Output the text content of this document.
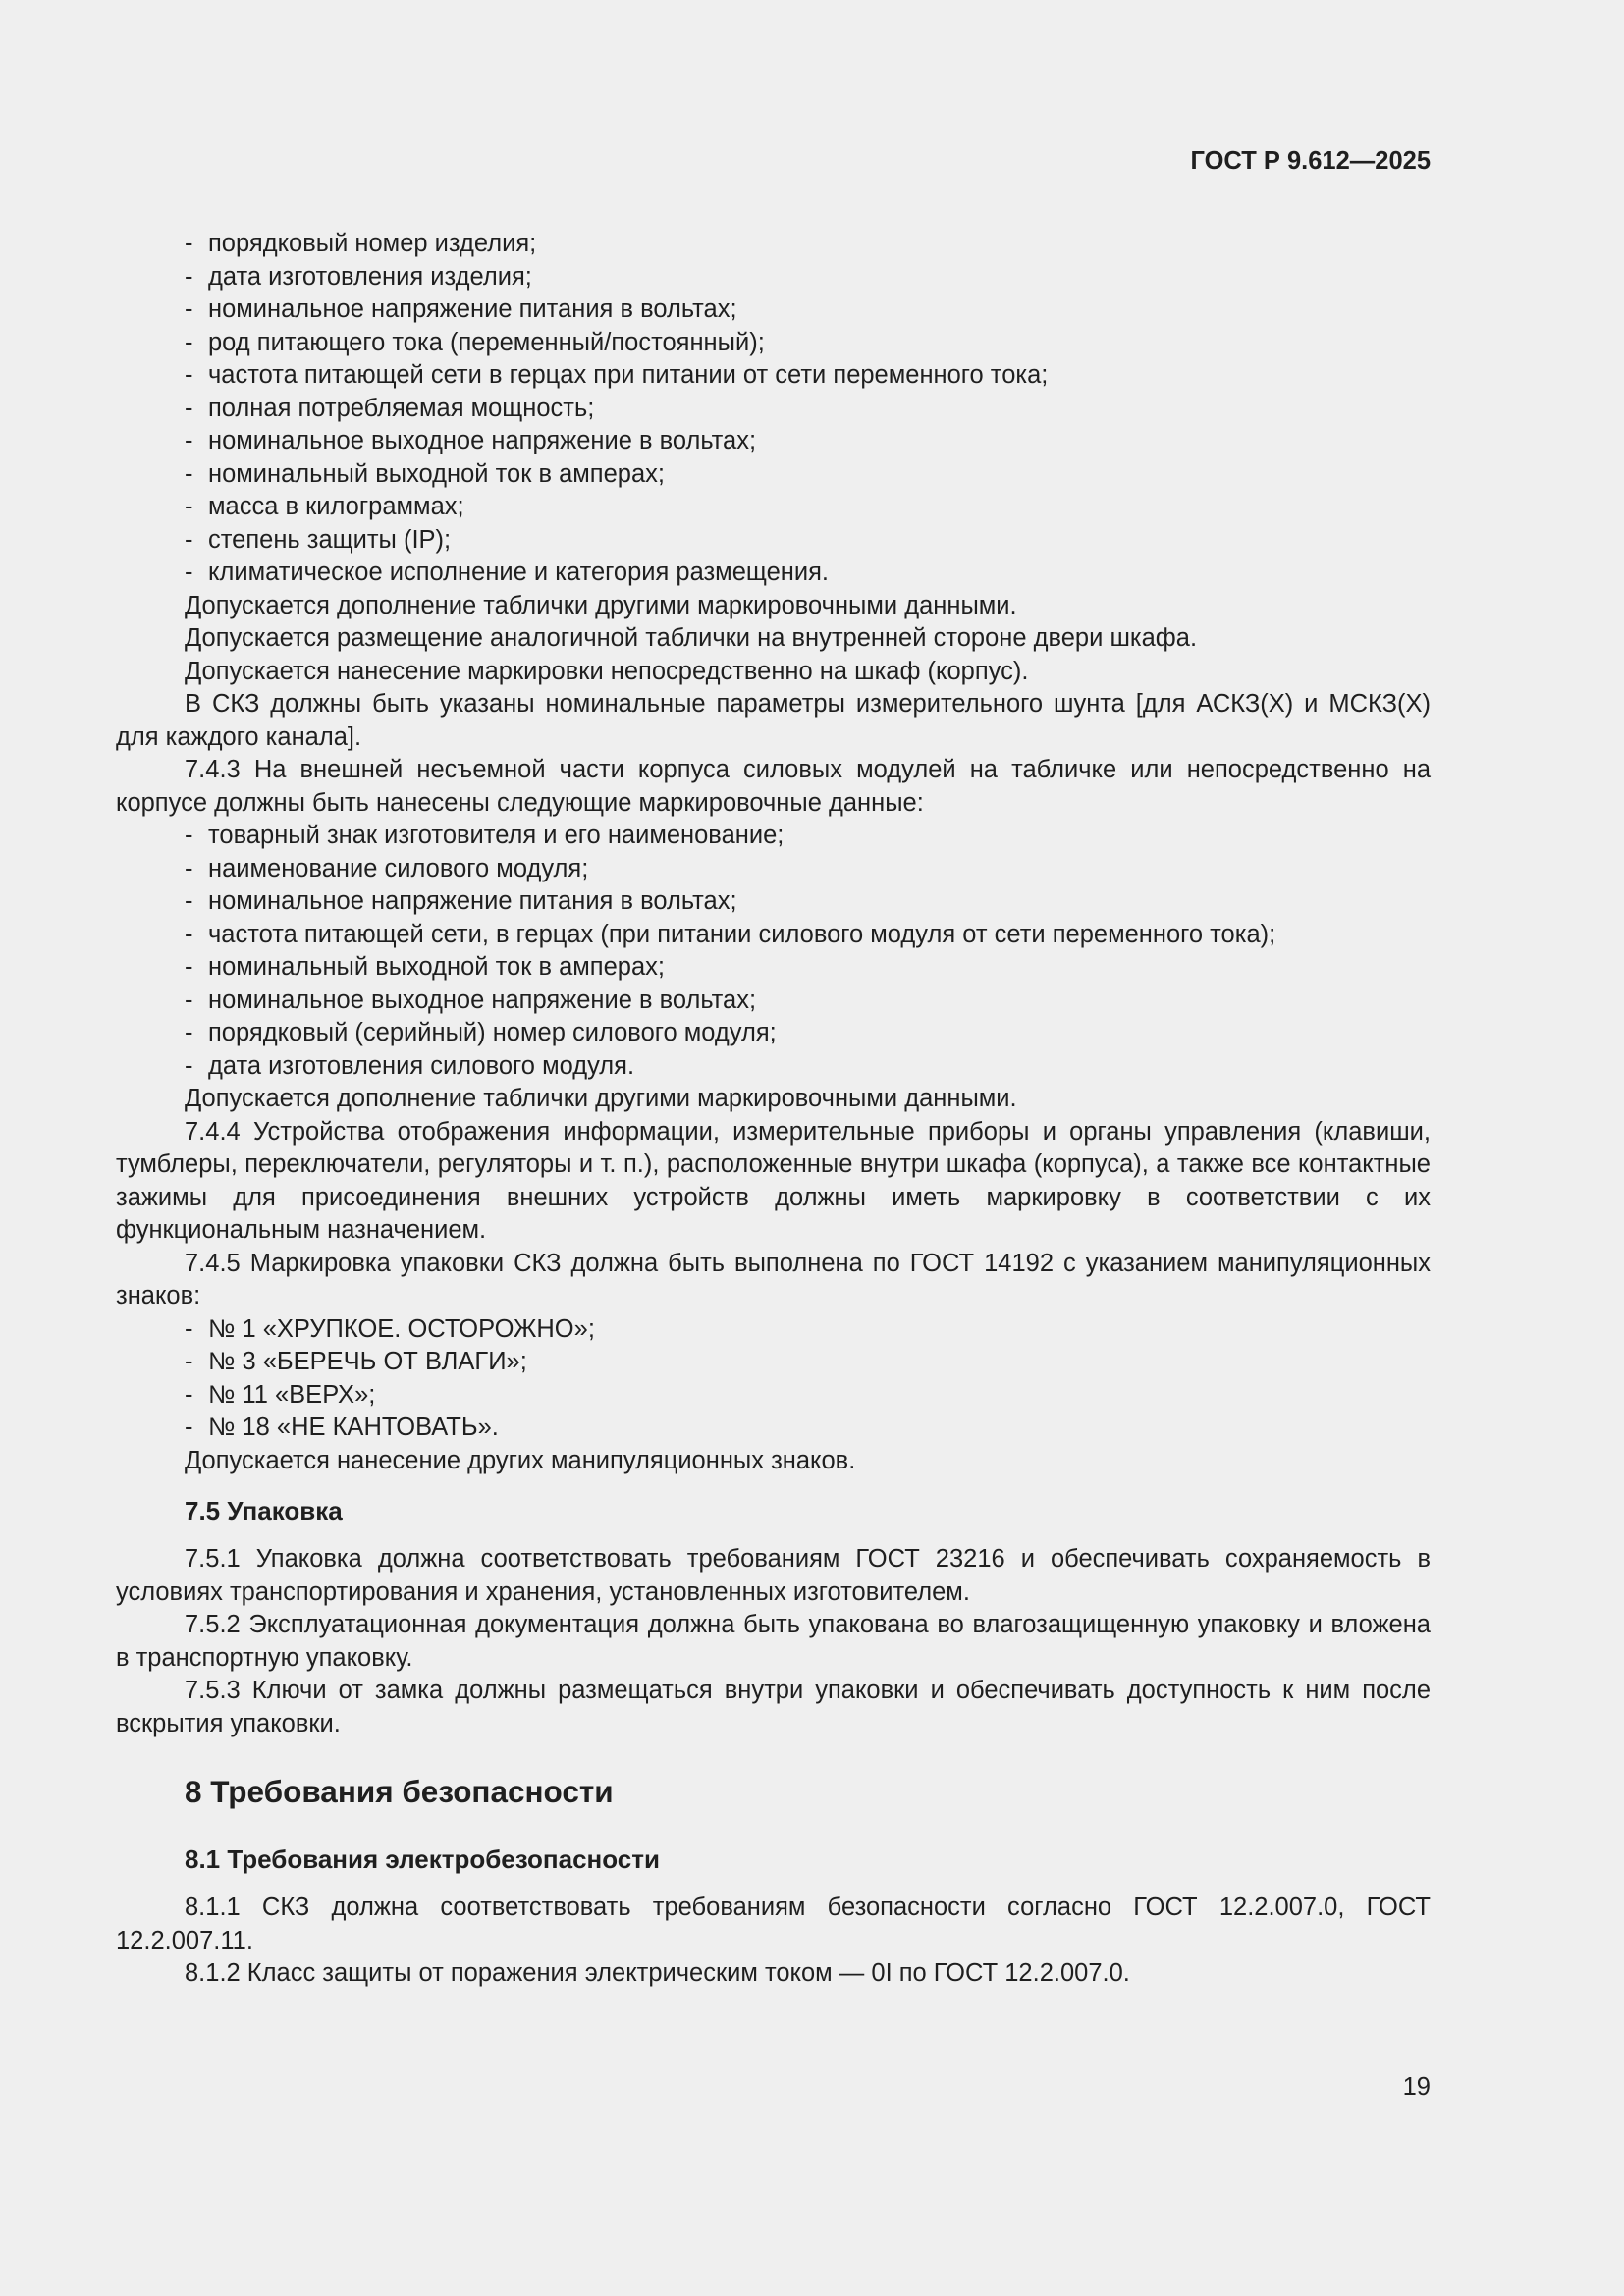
ГОСТ Р 9.612—2025

- порядковый номер изделия;

- дата изготовления изделия;

- номинальное напряжение питания в вольтах;

- род питающего тока (переменный/постоянный);

- частота питающей сети в герцах при питании от сети переменного тока;

- полная потребляемая мощность;

- номинальное выходное напряжение в вольтах;

- номинальный выходной ток в амперах;

- масса в килограммах;

- степень защиты (IP);

- климатическое исполнение и категория размещения.

Допускается дополнение таблички другими маркировочными данными.

Допускается размещение аналогичной таблички на внутренней стороне двери шкафа.

Допускается нанесение маркировки непосредственно на шкаф (корпус).

В СКЗ должны быть указаны номинальные параметры измерительного шунта [для АСКЗ(Х) и МСКЗ(Х) для каждого канала].

7.4.3 На внешней несъемной части корпуса силовых модулей на табличке или непосредственно на корпусе должны быть нанесены следующие маркировочные данные:

- товарный знак изготовителя и его наименование;

- наименование силового модуля;

- номинальное напряжение питания в вольтах;

- частота питающей сети, в герцах (при питании силового модуля от сети переменного тока);

- номинальный выходной ток в амперах;

- номинальное выходное напряжение в вольтах;

- порядковый (серийный) номер силового модуля;

- дата изготовления силового модуля.

Допускается дополнение таблички другими маркировочными данными.

7.4.4 Устройства отображения информации, измерительные приборы и органы управления (клавиши, тумблеры, переключатели, регуляторы и т. п.), расположенные внутри шкафа (корпуса), а также все контактные зажимы для присоединения внешних устройств должны иметь маркировку в соответствии с их функциональным назначением.

7.4.5 Маркировка упаковки СКЗ должна быть выполнена по ГОСТ 14192 с указанием манипуляционных знаков:

- № 1 «ХРУПКОЕ. ОСТОРОЖНО»;

- № 3 «БЕРЕЧЬ ОТ ВЛАГИ»;

- № 11 «ВЕРХ»;

- № 18 «НЕ КАНТОВАТЬ».

Допускается нанесение других манипуляционных знаков.

7.5 Упаковка

7.5.1 Упаковка должна соответствовать требованиям ГОСТ 23216 и обеспечивать сохраняемость в условиях транспортирования и хранения, установленных изготовителем.

7.5.2 Эксплуатационная документация должна быть упакована во влагозащищенную упаковку и вложена в транспортную упаковку.

7.5.3 Ключи от замка должны размещаться внутри упаковки и обеспечивать доступность к ним после вскрытия упаковки.

8 Требования безопасности
8.1 Требования электробезопасности

8.1.1 СКЗ должна соответствовать требованиям безопасности согласно ГОСТ 12.2.007.0, ГОСТ 12.2.007.11.

8.1.2 Класс защиты от поражения электрическим током — 0I по ГОСТ 12.2.007.0.

19
